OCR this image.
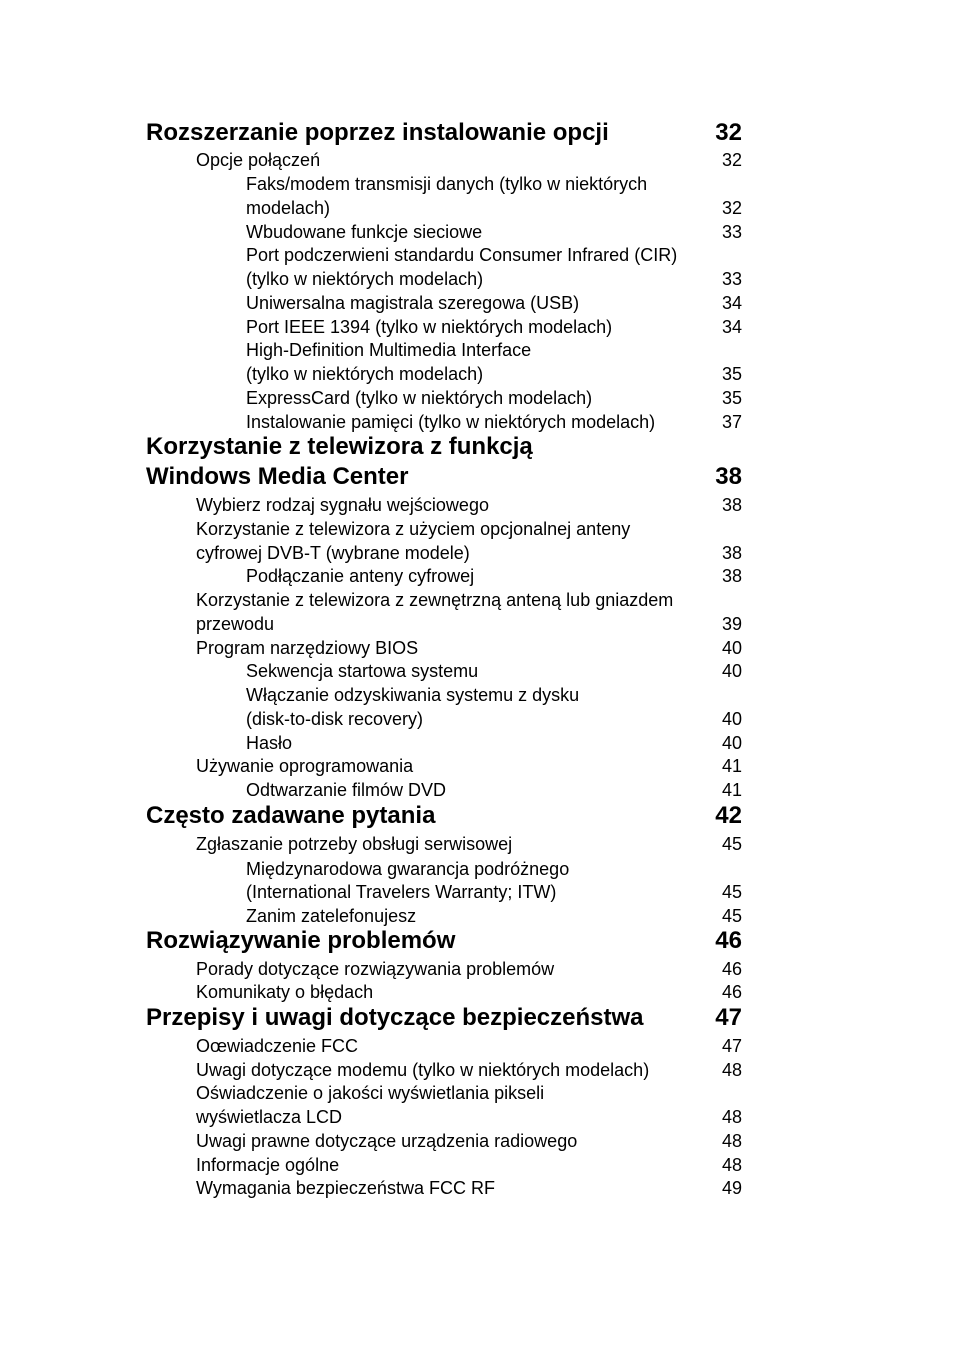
Rozszerzanie poprzez instalowanie opcji	32
Opcje połączeń	32
Faks/modem transmisji danych (tylko w niektórych
modelach)	32
Wbudowane funkcje sieciowe	33
Port podczerwieni standardu Consumer Infrared (CIR)
(tylko w niektórych modelach)	33
Uniwersalna magistrala szeregowa (USB)	34
Port IEEE 1394 (tylko w niektórych modelach)	34
High-Definition Multimedia Interface
(tylko w niektórych modelach)	35
ExpressCard (tylko w niektórych modelach)	35
Instalowanie pamięci (tylko w niektórych modelach)	37
Korzystanie z telewizora z funkcją
Windows Media Center	38
Wybierz rodzaj sygnału wejściowego	38
Korzystanie z telewizora z użyciem opcjonalnej anteny
cyfrowej DVB-T (wybrane modele)	38
Podłączanie anteny cyfrowej	38
Korzystanie z telewizora z zewnętrzną anteną lub gniazdem
przewodu	39
Program narzędziowy BIOS	40
Sekwencja startowa systemu	40
Włączanie odzyskiwania systemu z dysku
(disk-to-disk recovery)	40
Hasło	40
Używanie oprogramowania	41
Odtwarzanie filmów DVD	41
Często zadawane pytania	42
Zgłaszanie potrzeby obsługi serwisowej	45
Międzynarodowa gwarancja podróżnego
(International Travelers Warranty; ITW)	45
Zanim zatelefonujesz	45
Rozwiązywanie problemów	46
Porady dotyczące rozwiązywania problemów	46
Komunikaty o błędach	46
Przepisy i uwagi dotyczące bezpieczeństwa	47
Oœwiadczenie FCC	47
Uwagi dotyczące modemu (tylko w niektórych modelach)	48
Oświadczenie o jakości wyświetlania pikseli
wyświetlacza LCD	48
Uwagi prawne dotyczące urządzenia radiowego	48
Informacje ogólne	48
Wymagania bezpieczeństwa FCC RF	49
